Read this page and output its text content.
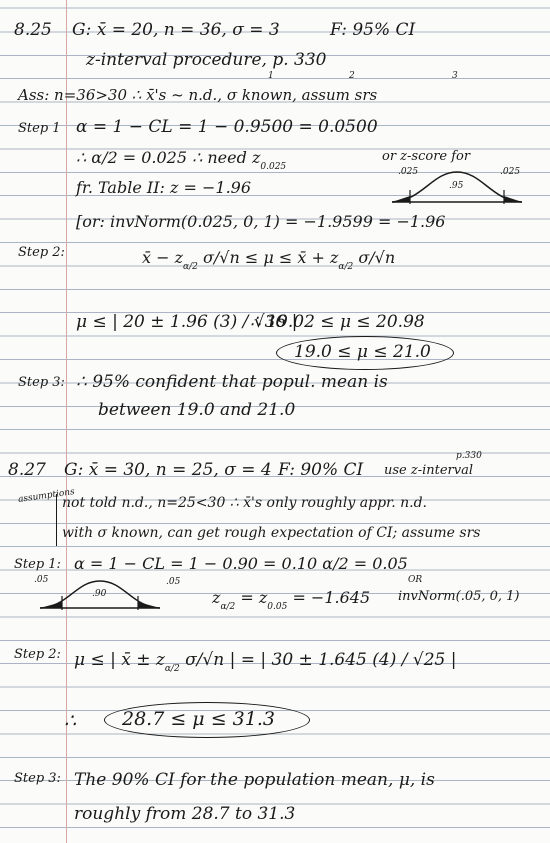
8.25 G: x̄ = 20, n = 36, σ = 3	F: 95% CI
z-interval procedure, p. 330
1	2	3
Ass: n=36>30 ∴ x̄'s ~ n.d., σ known, assum srs
Step 1 α = 1 − CL = 1 − 0.9500 = 0.0500
∴ α/2 = 0.025 ∴ need $z_{0.025}$
or z-score for
fr. Table II: z = −1.96
.025
.95
.025
[or: invNorm(0.025, 0, 1) = −1.9599 = −1.96
Step 2:	x̄ − $z_{\alpha/2}$ σ/√n ≤ μ ≤ x̄ + $z_{\alpha/2}$ σ/√n
μ ≤ | 20 ± 1.96 (3) / √36 |
∴ 19.02 ≤ μ ≤ 20.98
19.0 ≤ μ ≤ 21.0
Step 3: ∴ 95% confident that popul. mean is
between 19.0 and 21.0
p.330
8.27 G: x̄ = 30, n = 25, σ = 4 F: 90% CI use z-interval
assumptions
not told n.d., n=25<30 ∴ x̄'s only roughly appr. n.d.
with σ known, can get rough expectation of CI; assume srs
Step 1: α = 1 − CL = 1 − 0.90 = 0.10 α/2 = 0.05
.05
.90
.05
$z_{\alpha/2} = z_{0.05} = -1.645$
OR
invNorm(.05, 0, 1)
Step 2: μ ≤ | x̄ ± $z_{\alpha/2}$ σ/√n | = | 30 ± 1.645 (4) / √25 |
∴ 28.7 ≤ μ ≤ 31.3
Step 3: The 90% CI for the population mean, μ, is
roughly from 28.7 to 31.3
